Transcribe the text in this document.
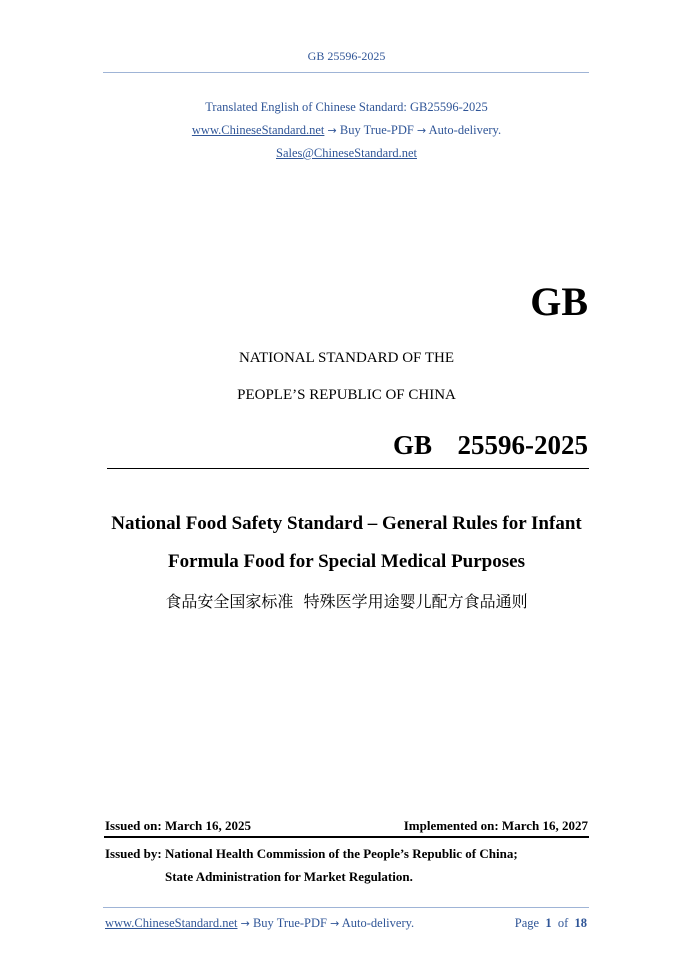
GB 25596-2025
Translated English of Chinese Standard: GB25596-2025
www.ChineseStandard.net → Buy True-PDF → Auto-delivery.
Sales@ChineseStandard.net
GB
NATIONAL STANDARD OF THE
PEOPLE’S REPUBLIC OF CHINA
GB  25596-2025
National Food Safety Standard – General Rules for Infant
Formula Food for Special Medical Purposes
食品安全国家标准  特殊医学用途婴儿配方食品通则
Issued on: March 16, 2025	Implemented on: March 16, 2027
Issued by: National Health Commission of the People’s Republic of China;
State Administration for Market Regulation.
www.ChineseStandard.net → Buy True-PDF → Auto-delivery.	Page 1 of 18
